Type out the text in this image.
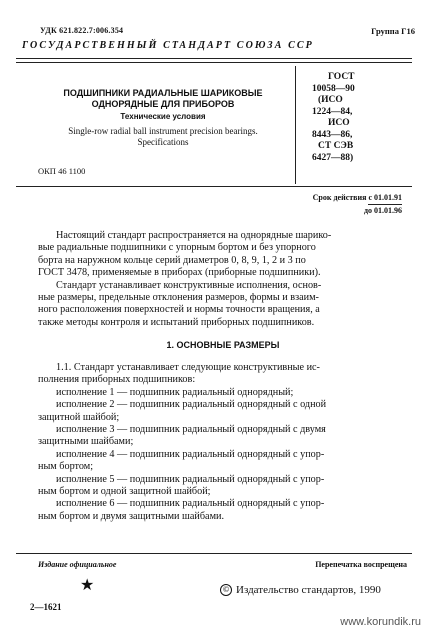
УДК 621.822.7:006.354	Группа Г16
ГОСУДАРСТВЕННЫЙ СТАНДАРТ СОЮЗА ССР
ПОДШИПНИКИ РАДИАЛЬНЫЕ ШАРИКОВЫЕ
ОДНОРЯДНЫЕ ДЛЯ ПРИБОРОВ
Технические условия
Single-row radial ball instrument precision bearings.
Specifications
ОКП 46 1100
ГОСТ
10058—90
(ИСО
1224—84,
ИСО
8443—86,
СТ СЭВ
6427—88)
Срок действия с 01.01.91
до 01.01.96
Настоящий стандарт распространяется на однорядные шарико-
вые радиальные подшипники с упорным бортом и без упорного
борта на наружном кольце серий диаметров 0, 8, 9, 1, 2 и 3 по
ГОСТ 3478, применяемые в приборах (приборные подшипники).
Стандарт устанавливает конструктивные исполнения, основ-
ные размеры, предельные отклонения размеров, формы и взаим-
ного расположения поверхностей и нормы точности вращения, а
также методы контроля и испытаний приборных подшипников.
1. ОСНОВНЫЕ РАЗМЕРЫ
1.1. Стандарт устанавливает следующие конструктивные ис-
полнения приборных подшипников:
исполнение 1 — подшипник радиальный однорядный;
исполнение 2 — подшипник радиальный однорядный с одной
защитной шайбой;
исполнение 3 — подшипник радиальный однорядный с двумя
защитными шайбами;
исполнение 4 — подшипник радиальный однорядный с упор-
ным бортом;
исполнение 5 — подшипник радиальный однорядный с упор-
ным бортом и одной защитной шайбой;
исполнение 6 — подшипник радиальный однорядный с упор-
ным бортом и двумя защитными шайбами.
Издание официальное	Перепечатка воспрещена
★	© Издательство стандартов, 1990
2—1621
www.korundik.ru
